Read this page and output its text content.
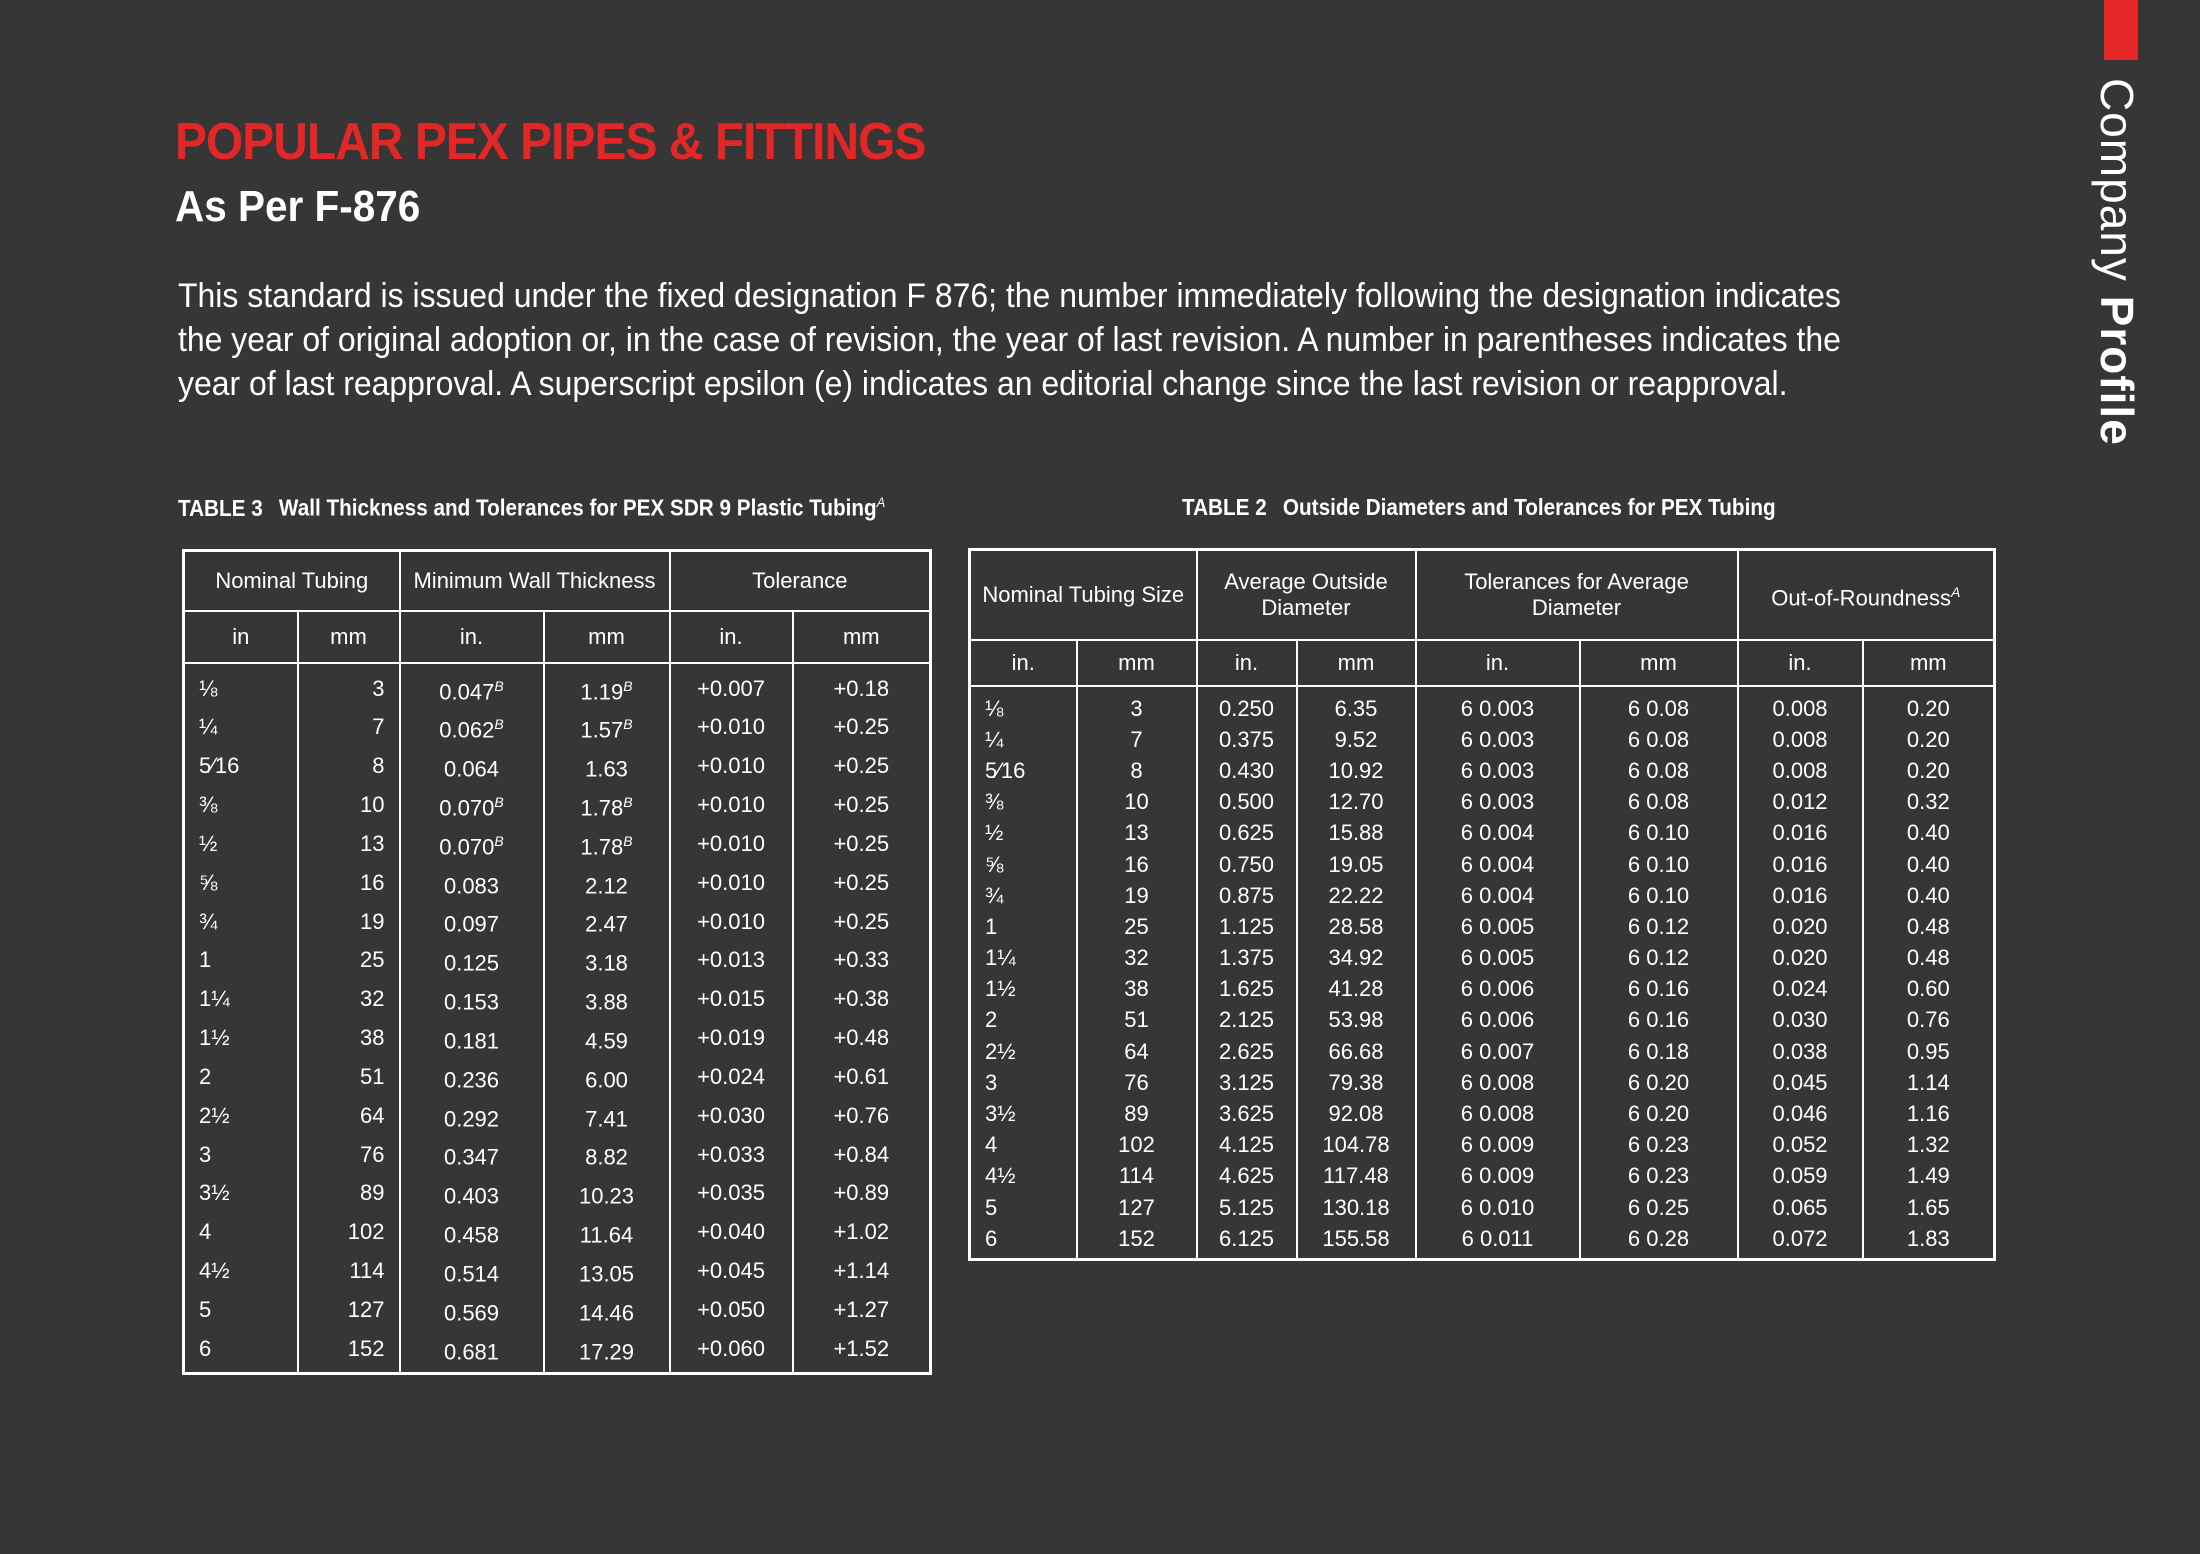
Company Profile
POPULAR PEX PIPES & FITTINGS
As Per F-876

This standard is issued under the fixed designation F 876; the number immediately following the designation indicates the year of original adoption or, in the case of revision, the year of last revision. A number in parentheses indicates the year of last reapproval. A superscript epsilon (e) indicates an editorial change since the last revision or reapproval.

TABLE 3 Wall Thickness and Tolerances for PEX SDR 9 Plastic Tubing$^A$	TABLE 2 Outside Diameters and Tolerances for PEX Tubing

Nominal Tubing		Minimum Wall Thickness		Tolerance	
in	mm	in.	mm	in.	mm
⅛	3	$0.047^B$	$1.19^B$	+0.007	+0.18
¼	7	$0.062^B$	$1.57^B$	+0.010	+0.25
5⁄16	8	0.064	1.63	+0.010	+0.25
⅜	10	$0.070^B$	$1.78^B$	+0.010	+0.25
½	13	$0.070^B$	$1.78^B$	+0.010	+0.25
⅝	16	0.083	2.12	+0.010	+0.25
¾	19	0.097	2.47	+0.010	+0.25
1	25	0.125	3.18	+0.013	+0.33
1¼	32	0.153	3.88	+0.015	+0.38
1½	38	0.181	4.59	+0.019	+0.48
2	51	0.236	6.00	+0.024	+0.61
2½	64	0.292	7.41	+0.030	+0.76
3	76	0.347	8.82	+0.033	+0.84
3½	89	0.403	10.23	+0.035	+0.89
4	102	0.458	11.64	+0.040	+1.02
4½	114	0.514	13.05	+0.045	+1.14
5	127	0.569	14.46	+0.050	+1.27
6	152	0.681	17.29	+0.060	+1.52
Nominal Tubing Size		Average Outside Diameter		Tolerances for Average Diameter		Out-of-Roundness$^A$
in.	mm	in.	mm	in.	mm	in.	mm
⅛	3	0.250	6.35	6 0.003	6 0.08	0.008	0.20
¼	7	0.375	9.52	6 0.003	6 0.08	0.008	0.20
5⁄16	8	0.430	10.92	6 0.003	6 0.08	0.008	0.20
⅜	10	0.500	12.70	6 0.003	6 0.08	0.012	0.32
½	13	0.625	15.88	6 0.004	6 0.10	0.016	0.40
⅝	16	0.750	19.05	6 0.004	6 0.10	0.016	0.40
¾	19	0.875	22.22	6 0.004	6 0.10	0.016	0.40
1	25	1.125	28.58	6 0.005	6 0.12	0.020	0.48
1¼	32	1.375	34.92	6 0.005	6 0.12	0.020	0.48
1½	38	1.625	41.28	6 0.006	6 0.16	0.024	0.60
2	51	2.125	53.98	6 0.006	6 0.16	0.030	0.76
2½	64	2.625	66.68	6 0.007	6 0.18	0.038	0.95
3	76	3.125	79.38	6 0.008	6 0.20	0.045	1.14
3½	89	3.625	92.08	6 0.008	6 0.20	0.046	1.16
4	102	4.125	104.78	6 0.009	6 0.23	0.052	1.32
4½	114	4.625	117.48	6 0.009	6 0.23	0.059	1.49
5	127	5.125	130.18	6 0.010	6 0.25	0.065	1.65
6	152	6.125	155.58	6 0.011	6 0.28	0.072	1.83
